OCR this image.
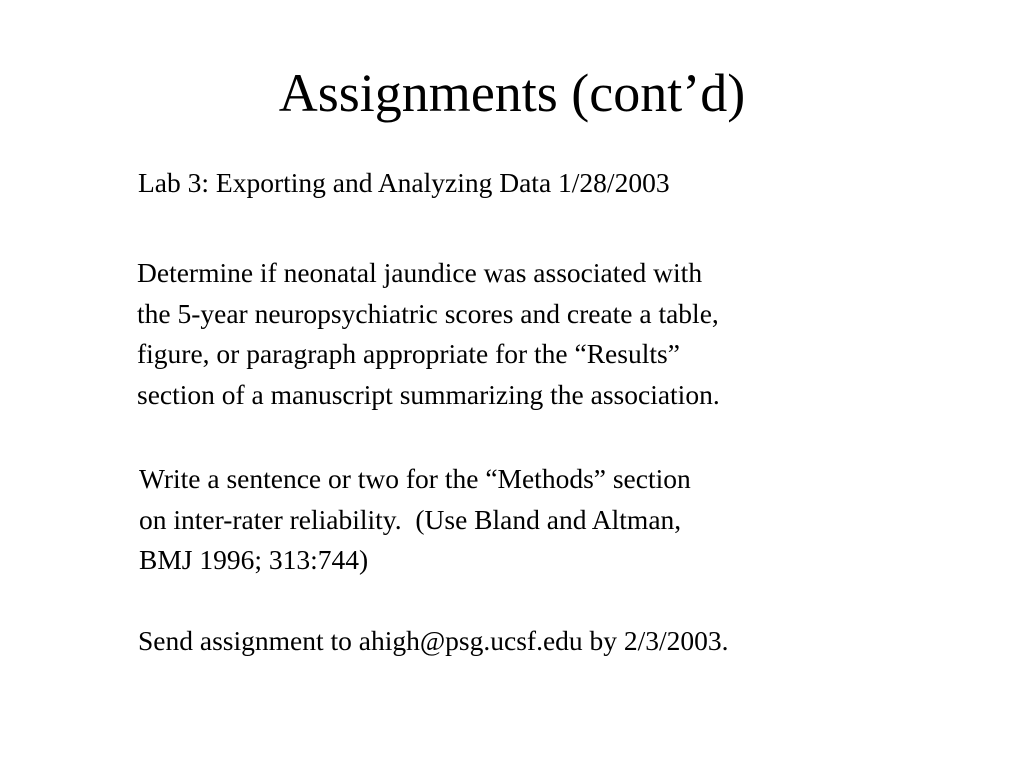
Assignments (cont’d)
Lab 3: Exporting and Analyzing Data 1/28/2003
Determine if neonatal jaundice was associated with
the 5-year neuropsychiatric scores and create a table,
figure, or paragraph appropriate for the “Results”
section of a manuscript summarizing the association.
Write a sentence or two for the “Methods” section
on inter-rater reliability.  (Use Bland and Altman,
BMJ 1996; 313:744)
Send assignment to ahigh@psg.ucsf.edu by 2/3/2003.
